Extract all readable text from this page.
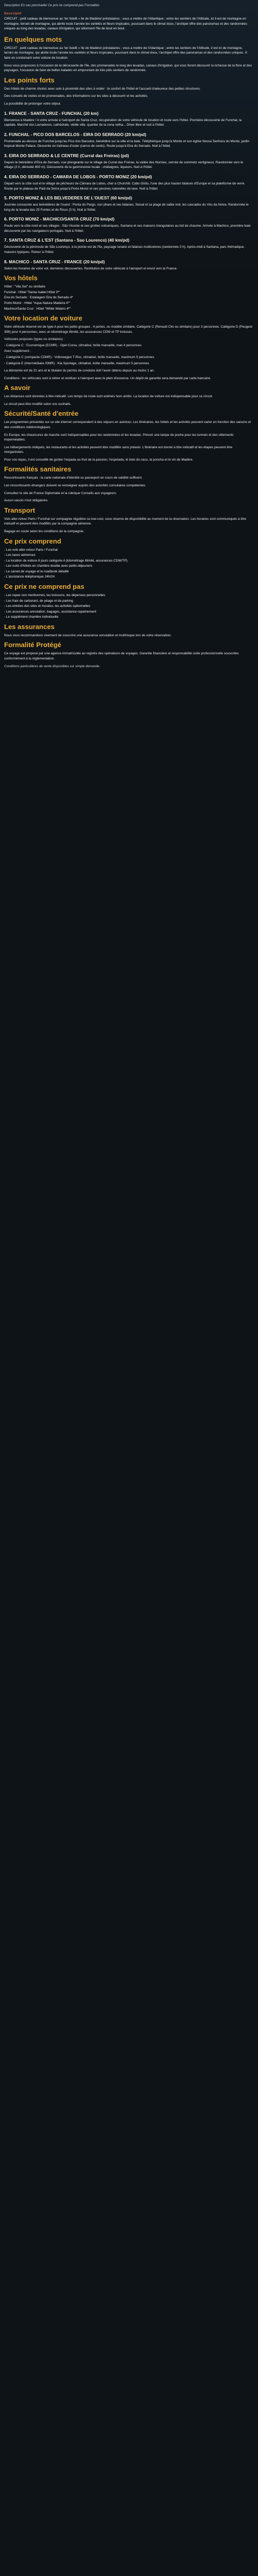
Description En cas ponctuelle/ Ce prix ne comprend pas Formalités
Descriptif
CIRCUIT : petit cadeau de bienvenue au 'ter listeB » ile de Madère/ préstataires ; vous a mettre de l'Atlantique ; entre les sentiers de l'Altitude, ici il est de montagne en montagne, terrain de montagne, qui abrite toute l'année les variétés et fleurs tropicales, poussant dans le climat doux, l'archipel offre des panoramas et des randonnées uniques au long des levadas, canaux d'irrigation, qui sillonnent l'île de bout en bout.
En quelques mots

CIRCUIT : petit cadeau de bienvenue au 'ter listeB » île de Madère/ préstataires ; vous a mettre de l'Atlantique ; entre les sentiers de l'Altitude, il est ici de montagne, terrain de montagne, qui abrite toute l'année les variétés et fleurs tropicales, poussant dans le climat doux, l'archipel offre des panoramas et des randonnées uniques. À faire en conduisant votre voiture de location.

Nous vous proposons à l'occasion de la découverte de l'île, des promenades le long des levadas, canaux d'irrigation, qui vous feront découvrir la richesse de la flore et des paysages, l'occasion de faire de belles balades en empruntant de très jolis sentiers de randonnée.

Les points forts

Des hôtels de charme choisis avec soin à proximité des sites à visiter : le confort de l'hôtel et l'accueil chaleureux des petites structures.

Des conseils de visites et de promenades, des informations sur les sites à découvrir et les activités.

La possibilité de prolonger votre séjour.

1. FRANCE - SANTA CRUZ - FUNCHAL (20 km)

Bienvenue à Madère ! A votre arrivée à l'aéroport de Santa Cruz, récupération de votre véhicule de location et route vers l'hôtel. Première découverte de Funchal, la capitale. Marché dos Lavradores, cathédrale, vieille ville, quartier de la zona velha... Dîner libre et nuit à l'hôtel.

2. FUNCHAL - PICO DOS BARCELOS - EIRA DO SERRADO (20 km/pd)

Promenade au-dessus de Funchal jusqu'au Pico dos Barcelos, belvédère sur la ville et la baie. Téléphérique jusqu'à Monte et son église Nossa Senhora do Monte, jardin tropical Monte Palace. Descente en traîneau d'osier (carros de cesto). Route jusqu'à Eira do Serrado. Nuit à l'hôtel.

3. EIRA DO SERRADO & LE CENTRE (Curral das Freiras) (pd)

Depuis le belvédère d'Eira do Serrado, vue plongeante sur le village de Curral das Freiras, la vallée des Nonnes, cernée de sommets vertigineux. Randonnée vers le village (2 h, dénivelé 600 m). Découverte de la gastronomie locale : châtaignes, liqueurs. Nuit à l'hôtel.

4. EIRA DO SERRADO - CAMARA DE LOBOS - PORTO MONIZ (20 km/pd)

Départ vers la côte sud et le village de pêcheurs de Câmara de Lobos, cher à Churchill. Cabo Girão, l'une des plus hautes falaises d'Europe et sa plateforme de verre. Route par le plateau de Paúl da Serra jusqu'à Porto Moniz et ses piscines naturelles de lave. Nuit à l'hôtel.

5. PORTO MONIZ & LES BELVEDERES DE L'OUEST (60 km/pd)

Journée consacrée aux belvédères de l'ouest : Ponta do Pargo, son phare et ses falaises, Seixal et sa plage de sable noir, les cascades du Véu da Noiva. Randonnée le long de la levada das 25 Fontes et de Risco (3 h). Nuit à l'hôtel.

6. PORTO MONIZ - MACHICO/SANTA CRUZ (70 km/pd)

Route vers la côte nord et ses villages : São Vicente et ses grottes volcaniques, Santana et ses maisons triangulaires au toit de chaume. Arrivée à Machico, première baie découverte par les navigateurs portugais. Nuit à l'hôtel.

7. SANTA CRUZ & L'EST (Santana - Sao Lourenco) (40 km/pd)

Découverte de la péninsule de São Lourenço, à la pointe est de l'île, paysage lunaire et falaises multicolores (randonnée 3 h). Après-midi à Santana, parc thématique, maisons typiques. Retour à l'hôtel.

8. MACHICO - SANTA CRUZ - FRANCE (20 km/pd)

Selon les horaires de votre vol, dernières découvertes. Restitution de votre véhicule à l'aéroport et envol vers la France.

Vos hôtels

Hôtel : "Vila Sol" ou similaire

Funchal : Hôtel "Santa Isabel Hôtel 3*"

Eira do Serrado : Estalagem Eira do Serrado 4*

Porto Moniz : Hôtel "Aqua Natura Madeira 4*"

Machico/Santa Cruz : Hôtel "White Waters 4*"

Votre location de voiture

Votre véhicule réservé est de type A pour les petits groupes : 4 portes, ou modèle similaire. Catégorie C (Renault Clio ou similaire) pour 3 personnes. Catégorie D (Peugeot 308) pour 4 personnes, avec un kilométrage illimité, les assurances CDW et TP incluses.

Véhicules proposés (types ou similaires) :

- Catégorie C : Economique (ECMR) - Opel Corsa, climatisé, boîte manuelle, max 4 personnes

Avez supplément :

- Catégorie C (compacte CDMR) : Volkswagen T-Roc, climatisé, boîte manuelle, maximum 5 personnes

- Catégorie E (intermédiaire IDMR) : Kia Sportage, climatisé, boîte manuelle, maximum 5 personnes

La démarrée est de 21 ans et le titulaire du permis de conduire doit l'avoir obtenu depuis au moins 1 an.

Conditions : les véhicules sont à retirer et restituer à l'aéroport avec le plein d'essence. Un dépôt de garantie sera demandé par carte bancaire.

A savoir

Les distances sont données à titre indicatif. Les temps de route sont estimés hors arrêts. La location de voiture est indispensable pour ce circuit.

Le circuit peut être modifié selon vos souhaits.

Sécurité/Santé d'entrée

Les programmes présentés sur ce site internet correspondent à des séjours en autotour. Les itinéraires, les hôtels et les activités peuvent varier en fonction des saisons et des conditions météorologiques.

En Europe, les chaussures de marche sont indispensables pour les randonnées et les levadas. Prévoir une lampe de poche pour les tunnels et des vêtements imperméables.

Les hébergements indiqués, les restaurants et les activités peuvent être modifiés sans préavis. L'itinéraire est donné à titre indicatif et les étapes peuvent être réorganisées.

Pour vos repas, il est conseillé de goûter l'espada au fruit de la passion, l'espetada, le bolo do caco, la poncha et le vin de Madère.

Formalités sanitaires

Ressortissants français : la carte nationale d'identité ou passeport en cours de validité suffisent.

Les ressortissants étrangers doivent se renseigner auprès des autorités consulaires compétentes.

Consultez le site de France Diplomatie et la rubrique Conseils aux voyageurs.

Aucun vaccin n'est obligatoire.

Transport

Vols aller-retour Paris / Funchal sur compagnie régulière ou low-cost, sous réserve de disponibilité au moment de la réservation. Les horaires sont communiqués à titre indicatif et peuvent être modifiés par la compagnie aérienne.

Bagage en soute selon les conditions de la compagnie.

Ce prix comprend

- Les vols aller-retour Paris / Funchal

- Les taxes aériennes

- La location de voiture 8 jours catégorie A (kilométrage illimité, assurances CDW/TP)

- Les nuits d'hôtels en chambre double avec petits-déjeuners

- Le carnet de voyage et le roadbook détaillé

- L'assistance téléphonique 24h/24

Ce prix ne comprend pas

- Les repas non mentionnés, les boissons, les dépenses personnelles

- Les frais de carburant, de péage et de parking

- Les entrées des sites et musées, les activités optionnelles

- Les assurances annulation, bagages, assistance-rapatriement

- Le supplément chambre individuelle

Les assurances

Nous vous recommandons vivement de souscrire une assurance annulation et multirisque lors de votre réservation.

Formalité Protégé

Ce voyage est proposé par une agence immatriculée au registre des opérateurs de voyages. Garantie financière et responsabilité civile professionnelle souscrites conformément à la réglementation.

Conditions particulières de vente disponibles sur simple demande.
